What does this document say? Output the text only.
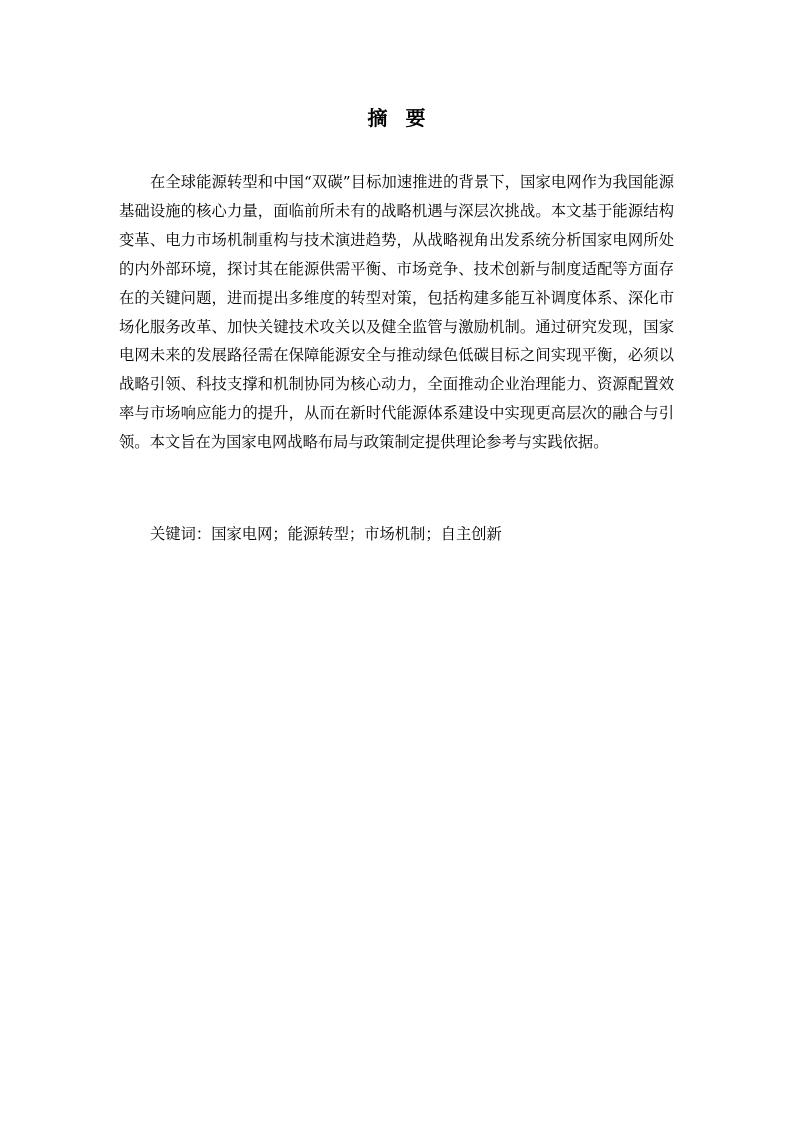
摘要

在全球能源转型和中国“双碳”目标加速推进的背景下，国家电网作为我国能源基础设施的核心力量，面临前所未有的战略机遇与深层次挑战。本文基于能源结构变革、电力市场机制重构与技术演进趋势，从战略视角出发系统分析国家电网所处的内外部环境，探讨其在能源供需平衡、市场竞争、技术创新与制度适配等方面存在的关键问题，进而提出多维度的转型对策，包括构建多能互补调度体系、深化市场化服务改革、加快关键技术攻关以及健全监管与激励机制。通过研究发现，国家电网未来的发展路径需在保障能源安全与推动绿色低碳目标之间实现平衡，必须以战略引领、科技支撑和机制协同为核心动力，全面推动企业治理能力、资源配置效率与市场响应能力的提升，从而在新时代能源体系建设中实现更高层次的融合与引领。本文旨在为国家电网战略布局与政策制定提供理论参考与实践依据。

关键词：国家电网；能源转型；市场机制；自主创新
